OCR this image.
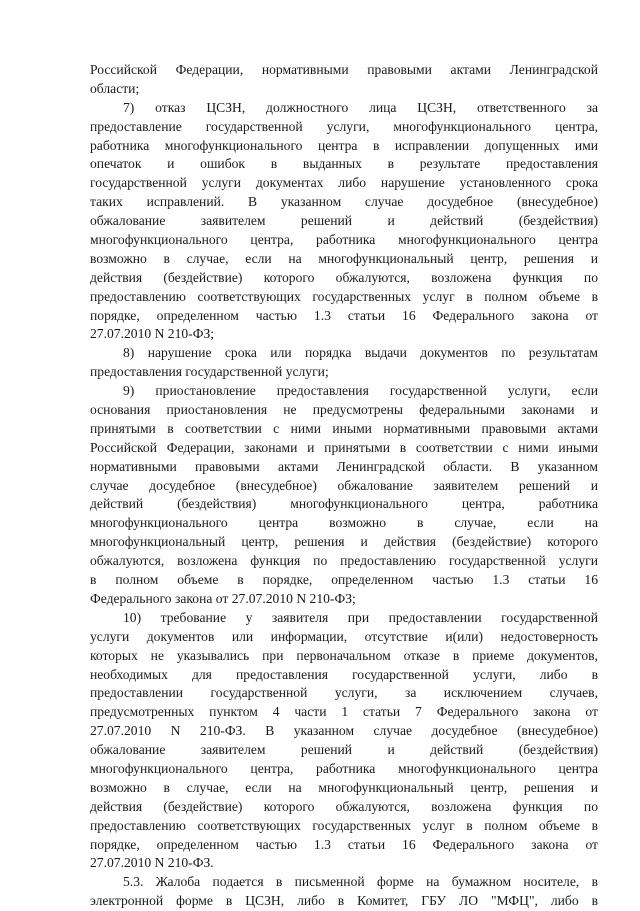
Российской Федерации, нормативными правовыми актами Ленинградской
области;
7) отказ ЦСЗН, должностного лица ЦСЗН, ответственного за
предоставление государственной услуги, многофункционального центра,
работника многофункционального центра в исправлении допущенных ими
опечаток и ошибок в выданных в результате предоставления
государственной услуги документах либо нарушение установленного срока
таких исправлений. В указанном случае досудебное (внесудебное)
обжалование заявителем решений и действий (бездействия)
многофункционального центра, работника многофункционального центра
возможно в случае, если на многофункциональный центр, решения и
действия (бездействие) которого обжалуются, возложена функция по
предоставлению соответствующих государственных услуг в полном объеме в
порядке, определенном частью 1.3 статьи 16 Федерального закона от
27.07.2010 N 210-ФЗ;
8) нарушение срока или порядка выдачи документов по результатам
предоставления государственной услуги;
9) приостановление предоставления государственной услуги, если
основания приостановления не предусмотрены федеральными законами и
принятыми в соответствии с ними иными нормативными правовыми актами
Российской Федерации, законами и принятыми в соответствии с ними иными
нормативными правовыми актами Ленинградской области. В указанном
случае досудебное (внесудебное) обжалование заявителем решений и
действий (бездействия) многофункционального центра, работника
многофункционального центра возможно в случае, если на
многофункциональный центр, решения и действия (бездействие) которого
обжалуются, возложена функция по предоставлению государственной услуги
в полном объеме в порядке, определенном частью 1.3 статьи 16
Федерального закона от 27.07.2010 N 210-ФЗ;
10) требование у заявителя при предоставлении государственной
услуги документов или информации, отсутствие и(или) недостоверность
которых не указывались при первоначальном отказе в приеме документов,
необходимых для предоставления государственной услуги, либо в
предоставлении государственной услуги, за исключением случаев,
предусмотренных пунктом 4 части 1 статьи 7 Федерального закона от
27.07.2010 N 210-ФЗ. В указанном случае досудебное (внесудебное)
обжалование заявителем решений и действий (бездействия)
многофункционального центра, работника многофункционального центра
возможно в случае, если на многофункциональный центр, решения и
действия (бездействие) которого обжалуются, возложена функция по
предоставлению соответствующих государственных услуг в полном объеме в
порядке, определенном частью 1.3 статьи 16 Федерального закона от
27.07.2010 N 210-ФЗ.
5.3. Жалоба подается в письменной форме на бумажном носителе, в
электронной форме в ЦСЗН, либо в Комитет, ГБУ ЛО "МФЦ", либо в
